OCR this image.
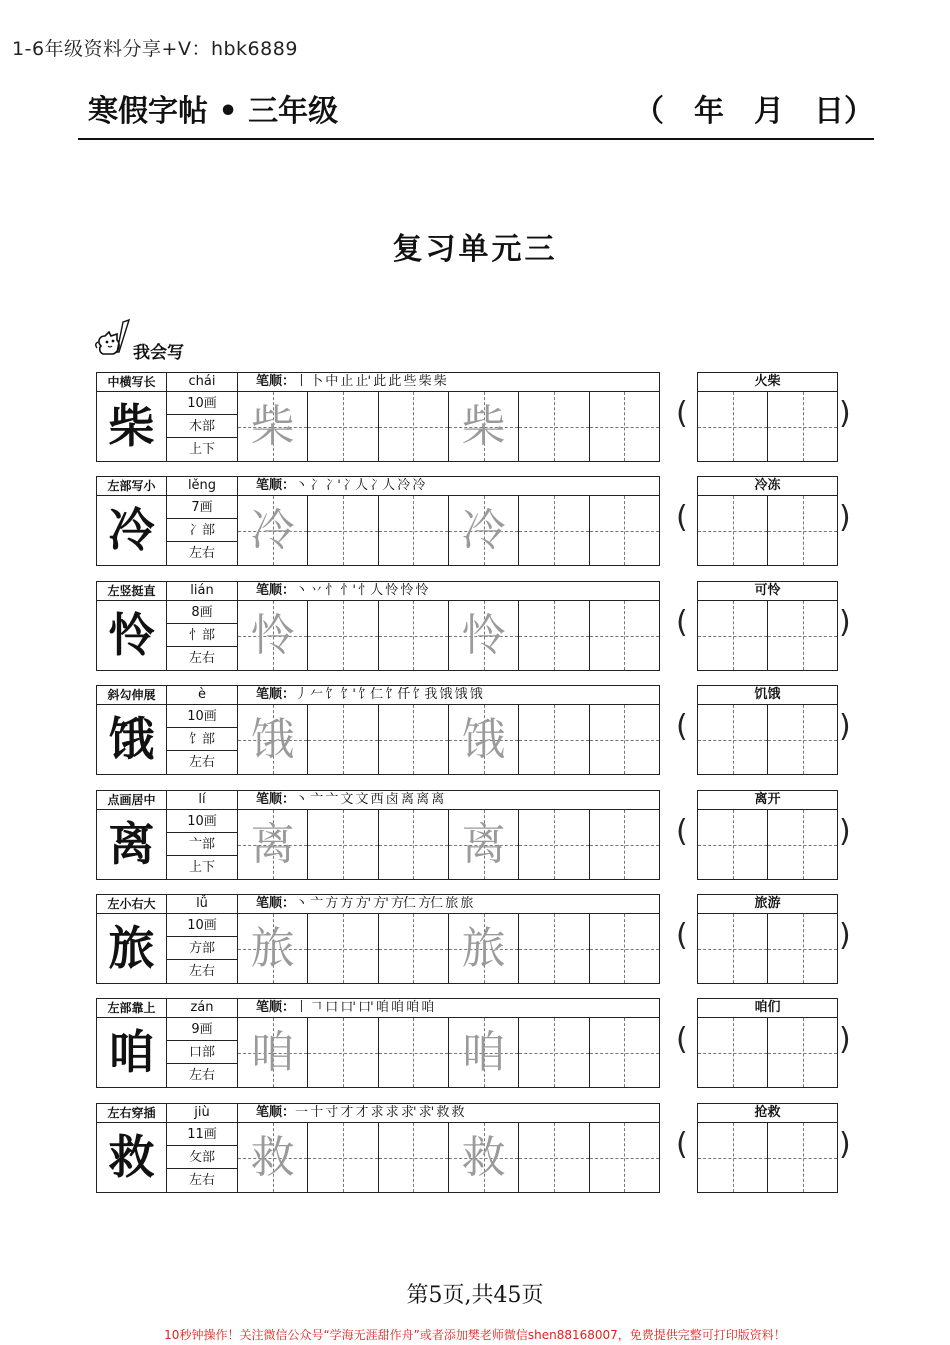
1-6年级资料分享+V：hbk6889
寒假字帖 • 三年级	（　年　月　日）
复习单元三
我会写
中横写长	chái	笔顺：丨 卜 中 止 止' 此 此 些 柴 柴
柴	10画
木部
上下 柴	柴	(
火柴
)
左部写小	lěng	笔顺：丶 冫 冫' 冫人 冫人 冷 冷
冷	7画
冫部
左右 冷	冷	(
冷冻
)
左竖挺直	lián	笔顺：丶 丷 忄 忄' 忄人 怜 怜 怜
怜	8画
忄部
左右 怜	怜	(
可怜
)
斜勾伸展	è	笔顺：丿 𠂉 饣 饣' 饣仁 饣仟 饣我 饿 饿 饿
饿	10画
饣部
左右 饿	饿	(
饥饿
)
点画居中	lí	笔顺：丶 亠 亠 文 文 西 卤 离 离 离
离	10画
亠部
上下 离	离	(
离开
)
左小右大	lǚ	笔顺：丶 亠 方 方 方' 方' 方仁 方仁 旅 旅
旅	10画
方部
左右 旅	旅	(
旅游
)
左部靠上	zán	笔顺：丨 𠃍 口 口' 口' 咱 咱 咱 咱
咱	9画
口部
左右 咱	咱	(
咱们
)
左右穿插	jiù	笔顺：一 十 寸 才 才 求 求 求' 求' 救 救
救	11画
攵部
左右 救	救	(
抢救
)
第5页,共45页
10秒钟操作！关注微信公众号“学海无涯甜作舟”或者添加樊老师微信shen88168007，免费提供完整可打印版资料！
